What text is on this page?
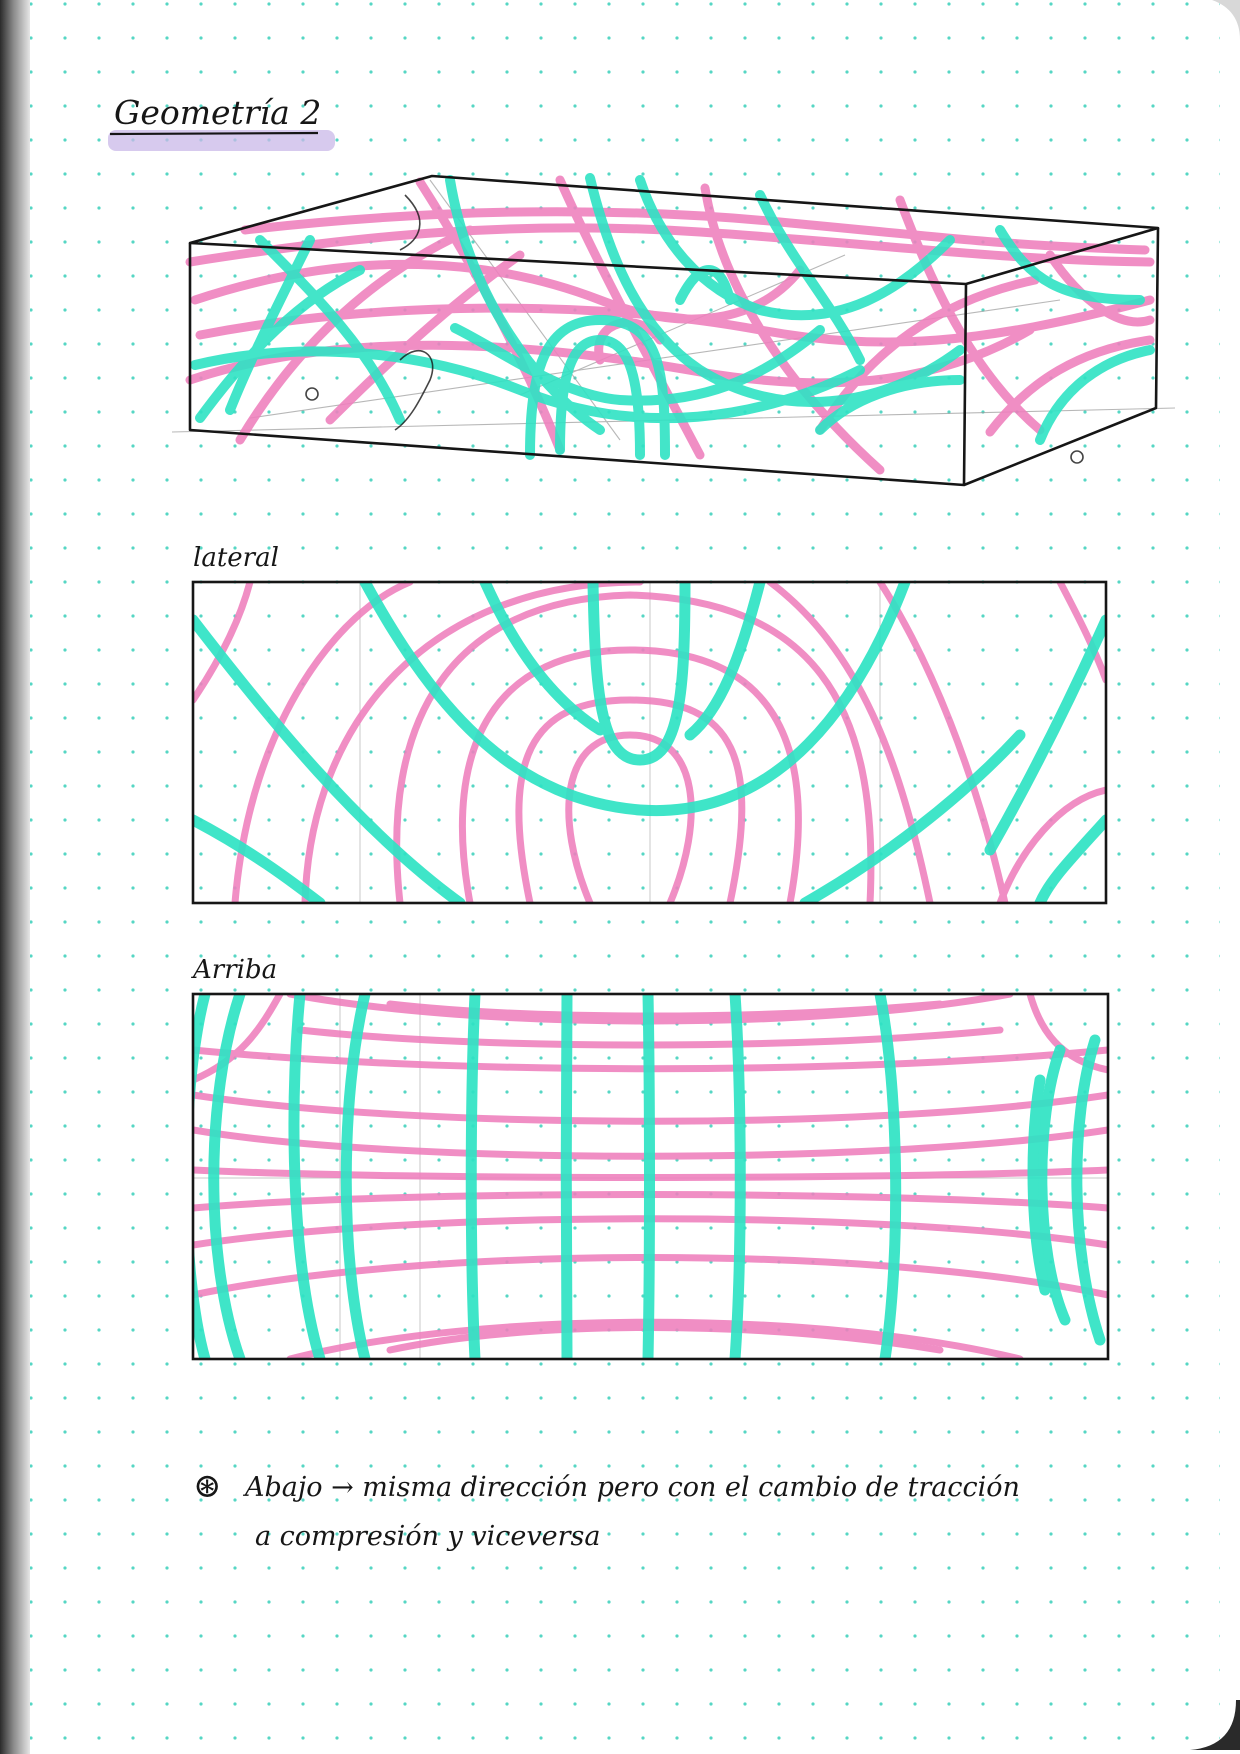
Geometría 2
lateral
Arriba
⊛ Abajo → misma dirección pero con el cambio de tracción
a compresión y viceversa
